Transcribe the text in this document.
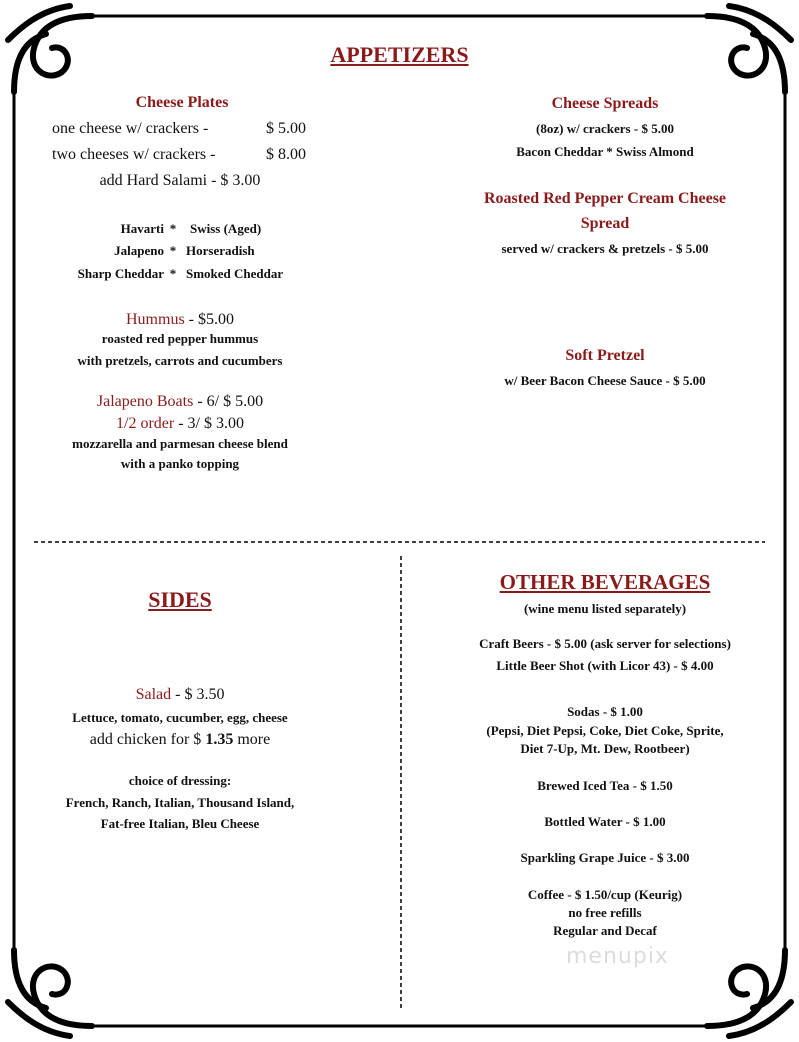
APPETIZERS
Cheese Plates
one cheese w/ crackers -	$ 5.00
two cheeses w/ crackers -	$ 8.00
add Hard Salami - $ 3.00
Havarti * Swiss (Aged)
Jalapeno * Horseradish
Sharp Cheddar * Smoked Cheddar
Hummus - $5.00
roasted red pepper hummus
with pretzels, carrots and cucumbers
Jalapeno Boats - 6/ $ 5.00
1/2 order - 3/ $ 3.00
mozzarella and parmesan cheese blend
with a panko topping
Cheese Spreads
(8oz) w/ crackers - $ 5.00
Bacon Cheddar * Swiss Almond
Roasted Red Pepper Cream Cheese
Spread
served w/ crackers & pretzels - $ 5.00
Soft Pretzel
w/ Beer Bacon Cheese Sauce - $ 5.00
SIDES
Salad - $ 3.50
Lettuce, tomato, cucumber, egg, cheese
add chicken for $ 1.35 more
choice of dressing:
French, Ranch, Italian, Thousand Island,
Fat-free Italian, Bleu Cheese
OTHER BEVERAGES
(wine menu listed separately)
Craft Beers - $ 5.00 (ask server for selections)
Little Beer Shot (with Licor 43) - $ 4.00
Sodas - $ 1.00
(Pepsi, Diet Pepsi, Coke, Diet Coke, Sprite,
Diet 7-Up, Mt. Dew, Rootbeer)
Brewed Iced Tea - $ 1.50
Bottled Water - $ 1.00
Sparkling Grape Juice - $ 3.00
Coffee - $ 1.50/cup (Keurig)
no free refills
Regular and Decaf
menupix
